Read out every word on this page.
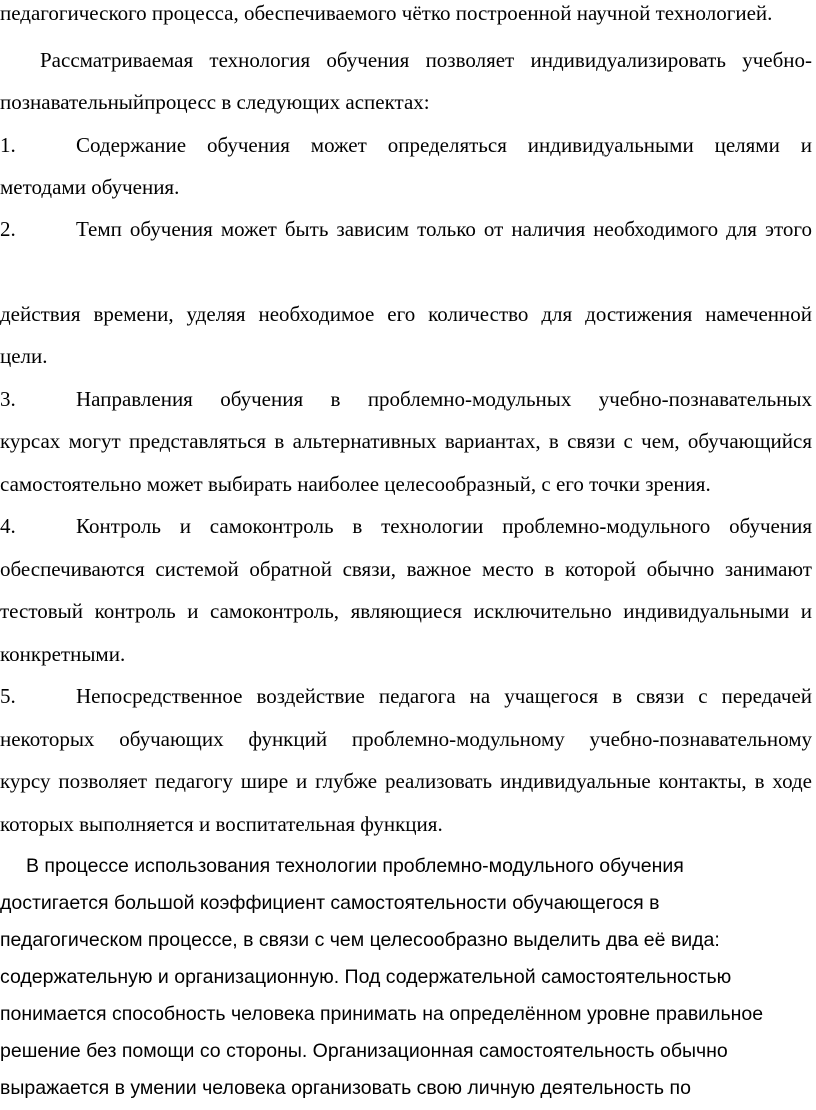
педагогического процесса, обеспечиваемого чётко построенной научной технологией.
Рассматриваемая технология обучения позволяет индивидуализировать учебно-
познавательныйпроцесс в следующих аспектах:
1.	Содержание обучения может определяться индивидуальными целями и
методами обучения.
2.	Темп обучения может быть зависим только от наличия необходимого для этого
действия времени, уделяя необходимое его количество для достижения намеченной
цели.
3.	Направления обучения в проблемно-модульных учебно-познавательных
курсах могут представляться в альтернативных вариантах, в связи с чем, обучающийся
самостоятельно может выбирать наиболее целесообразный, с его точки зрения.
4.	Контроль и самоконтроль в технологии проблемно-модульного обучения
обеспечиваются системой обратной связи, важное место в которой обычно занимают
тестовый контроль и самоконтроль, являющиеся исключительно индивидуальными и
конкретными.
5.	Непосредственное воздействие педагога на учащегося в связи с передачей
некоторых обучающих функций проблемно-модульному учебно-познавательному
курсу позволяет педагогу шире и глубже реализовать индивидуальные контакты, в ходе
которых выполняется и воспитательная функция.
В процессе использования технологии проблемно-модульного обучения
достигается большой коэффициент самостоятельности обучающегося в
педагогическом процессе, в связи с чем целесообразно выделить два её вида:
содержательную и организационную. Под содержательной самостоятельностью
понимается способность человека принимать на определённом уровне правильное
решение без помощи со стороны. Организационная самостоятельность обычно
выражается в умении человека организовать свою личную деятельность по
